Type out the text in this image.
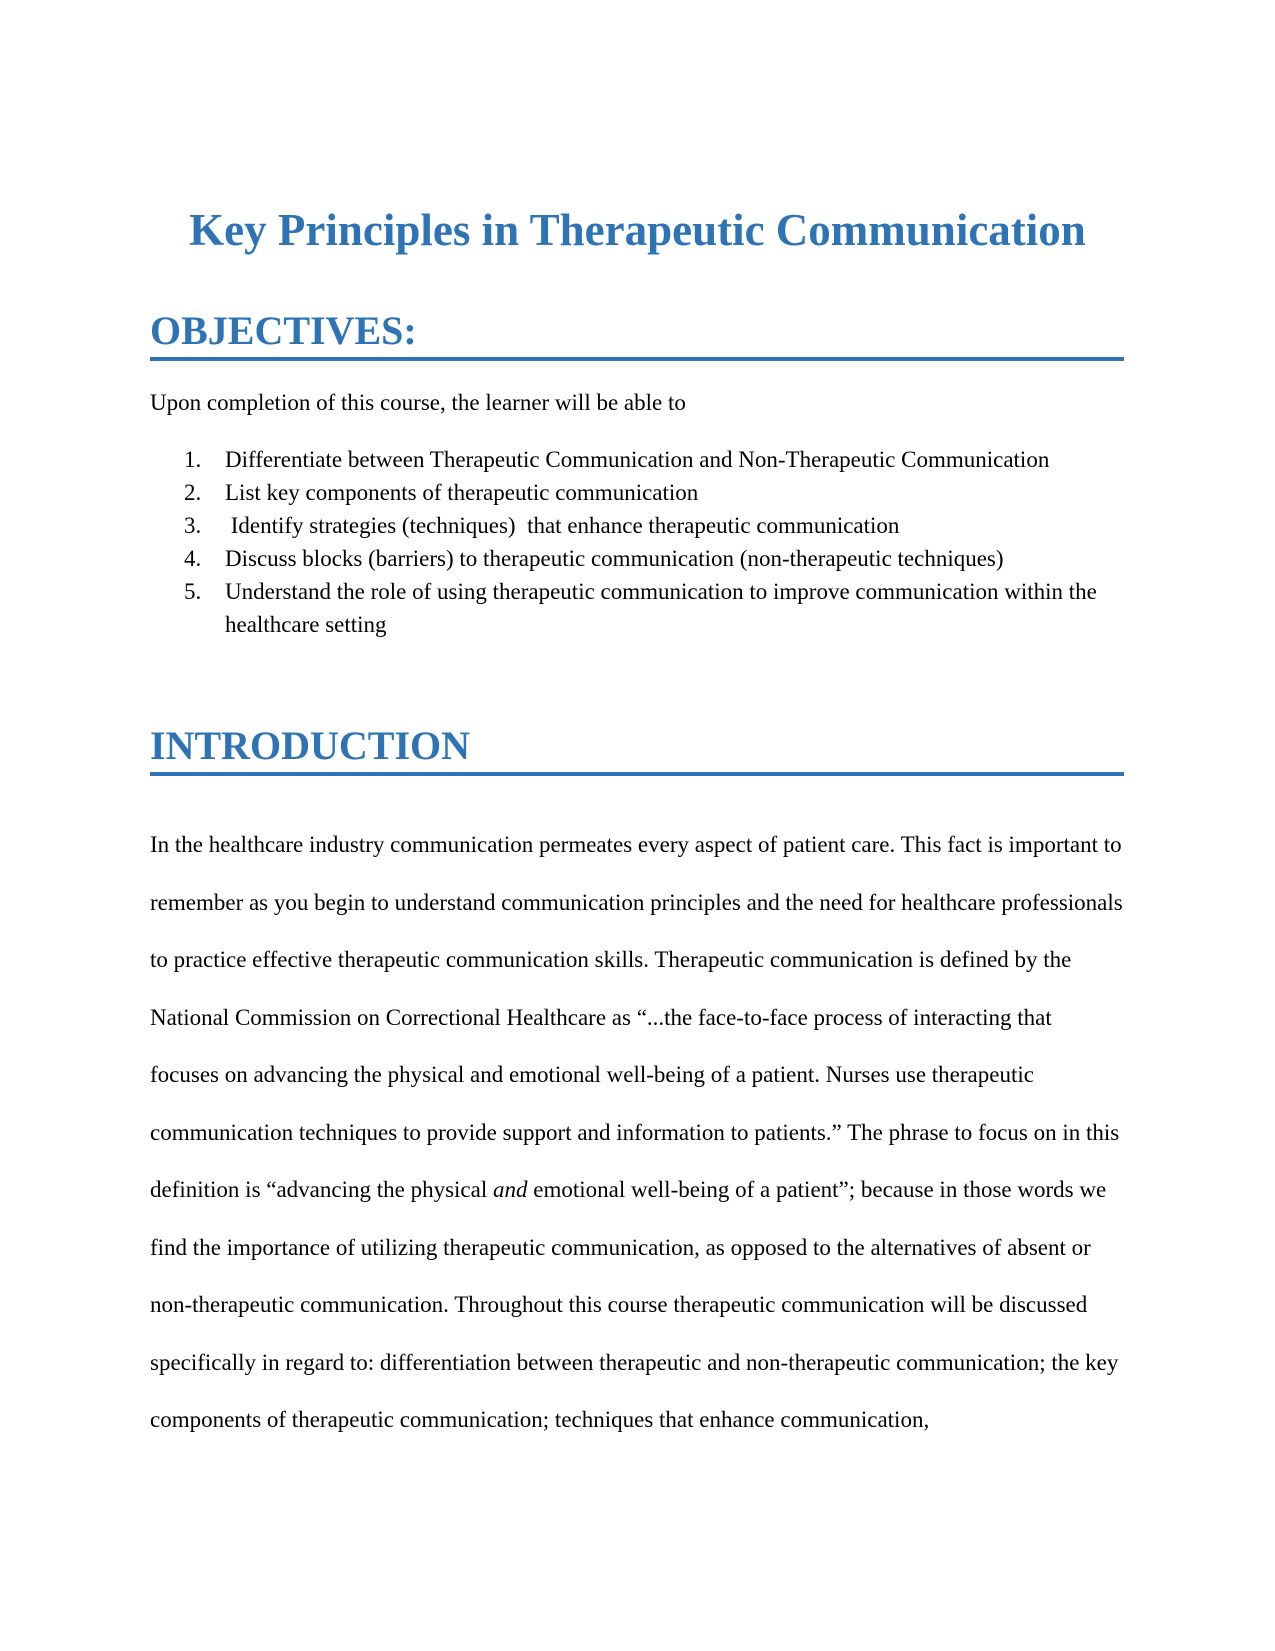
Key Principles in Therapeutic Communication
OBJECTIVES:

Upon completion of this course, the learner will be able to

1. Differentiate between Therapeutic Communication and Non-Therapeutic Communication
2. List key components of therapeutic communication
3. Identify strategies (techniques)  that enhance therapeutic communication
4. Discuss blocks (barriers) to therapeutic communication (non-therapeutic techniques)
5. Understand the role of using therapeutic communication to improve communication within the healthcare setting
INTRODUCTION

In the healthcare industry communication permeates every aspect of patient care. This fact is important to remember as you begin to understand communication principles and the need for healthcare professionals to practice effective therapeutic communication skills. Therapeutic communication is defined by the National Commission on Correctional Healthcare as “...the face-to-face process of interacting that focuses on advancing the physical and emotional well-being of a patient. Nurses use therapeutic communication techniques to provide support and information to patients.” The phrase to focus on in this definition is “advancing the physical and emotional well-being of a patient”; because in those words we find the importance of utilizing therapeutic communication, as opposed to the alternatives of absent or non-therapeutic communication. Throughout this course therapeutic communication will be discussed specifically in regard to: differentiation between therapeutic and non-therapeutic communication; the key components of therapeutic communication; techniques that enhance communication,
